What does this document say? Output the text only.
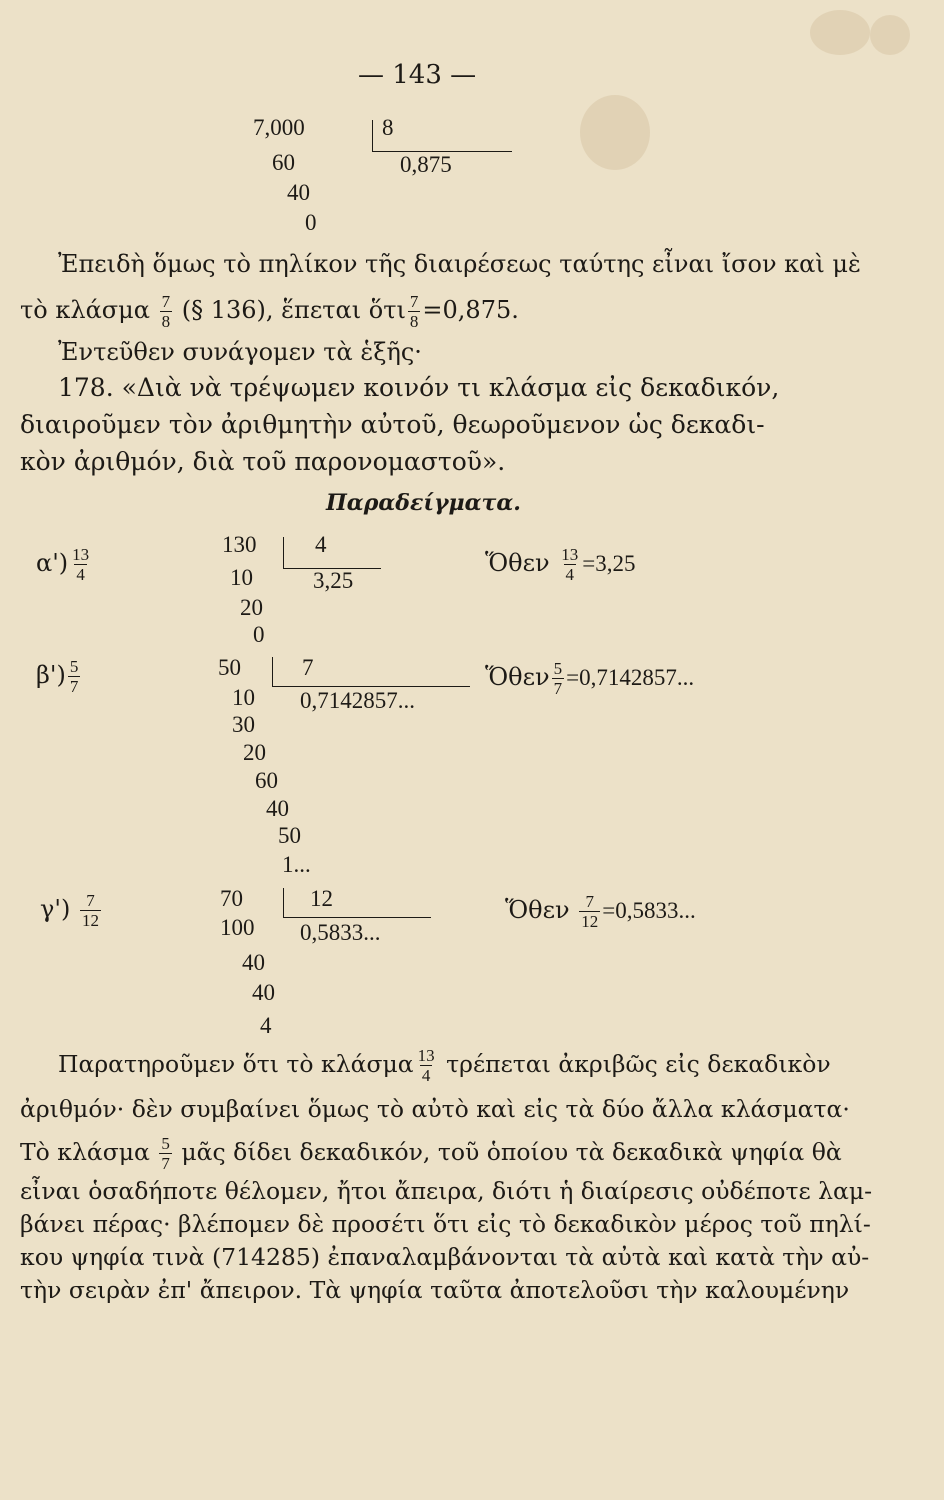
— 143 —
7,000
60
40
0
8
0,875
Ἐπειδὴ ὅμως τὸ πηλίκον τῆς διαιρέσεως ταύτης εἶναι ἴσον καὶ μὲ
τὸ κλάσμα $\frac{7}{8}$ (§ 136), ἕπεται ὅτι $\frac{7}{8} =0,875$.
Ἐντεῦθεν συνάγομεν τὰ ἑξῆς·
178. «Διὰ νὰ τρέψωμεν κοινόν τι κλάσμα εἰς δεκαδικόν,
διαιροῦμεν τὸν ἀριθμητὴν αὐτοῦ, θεωροῦμενον ὡς δεκαδι-
κὸν ἀριθμόν, διὰ τοῦ παρονομαστοῦ».
Παραδείγματα.
$\alpha') \frac{13}{4}$
130
10
20
0
4
3,25
Ὅθεν $\frac{13}{4} =3,25$
$\beta') \frac{5}{7}$	50
10
30
20
60
40
50
1...
7
0,7142857...
Ὅθεν $\frac{5}{7} =0,7142857$...
$\gamma') \frac{7}{12}$	70
100
40
40
4
12
0,5833...
Ὅθεν $\frac{7}{12} =0,5833$...
Παρατηροῦμεν ὅτι τὸ κλάσμα $\frac{13}{4}$ τρέπεται ἀκριβῶς εἰς δεκαδικὸν
ἀριθμόν· δὲν συμβαίνει ὅμως τὸ αὐτὸ καὶ εἰς τὰ δύο ἄλλα κλάσματα·
Τὸ κλάσμα $\frac{5}{7}$ μᾶς δίδει δεκαδικόν, τοῦ ὁποίου τὰ δεκαδικὰ ψηφία θὰ
εἶναι ὁσαδήποτε θέλομεν, ἤτοι ἄπειρα, διότι ἡ διαίρεσις οὐδέποτε λαμ-
βάνει πέρας· βλέπομεν δὲ προσέτι ὅτι εἰς τὸ δεκαδικὸν μέρος τοῦ πηλί-
κου ψηφία τινὰ (714285) ἐπαναλαμβάνονται τὰ αὐτὰ καὶ κατὰ τὴν αὐ-
τὴν σειρὰν ἐπ' ἄπειρον. Τὰ ψηφία ταῦτα ἀποτελοῦσι τὴν καλουμένην
